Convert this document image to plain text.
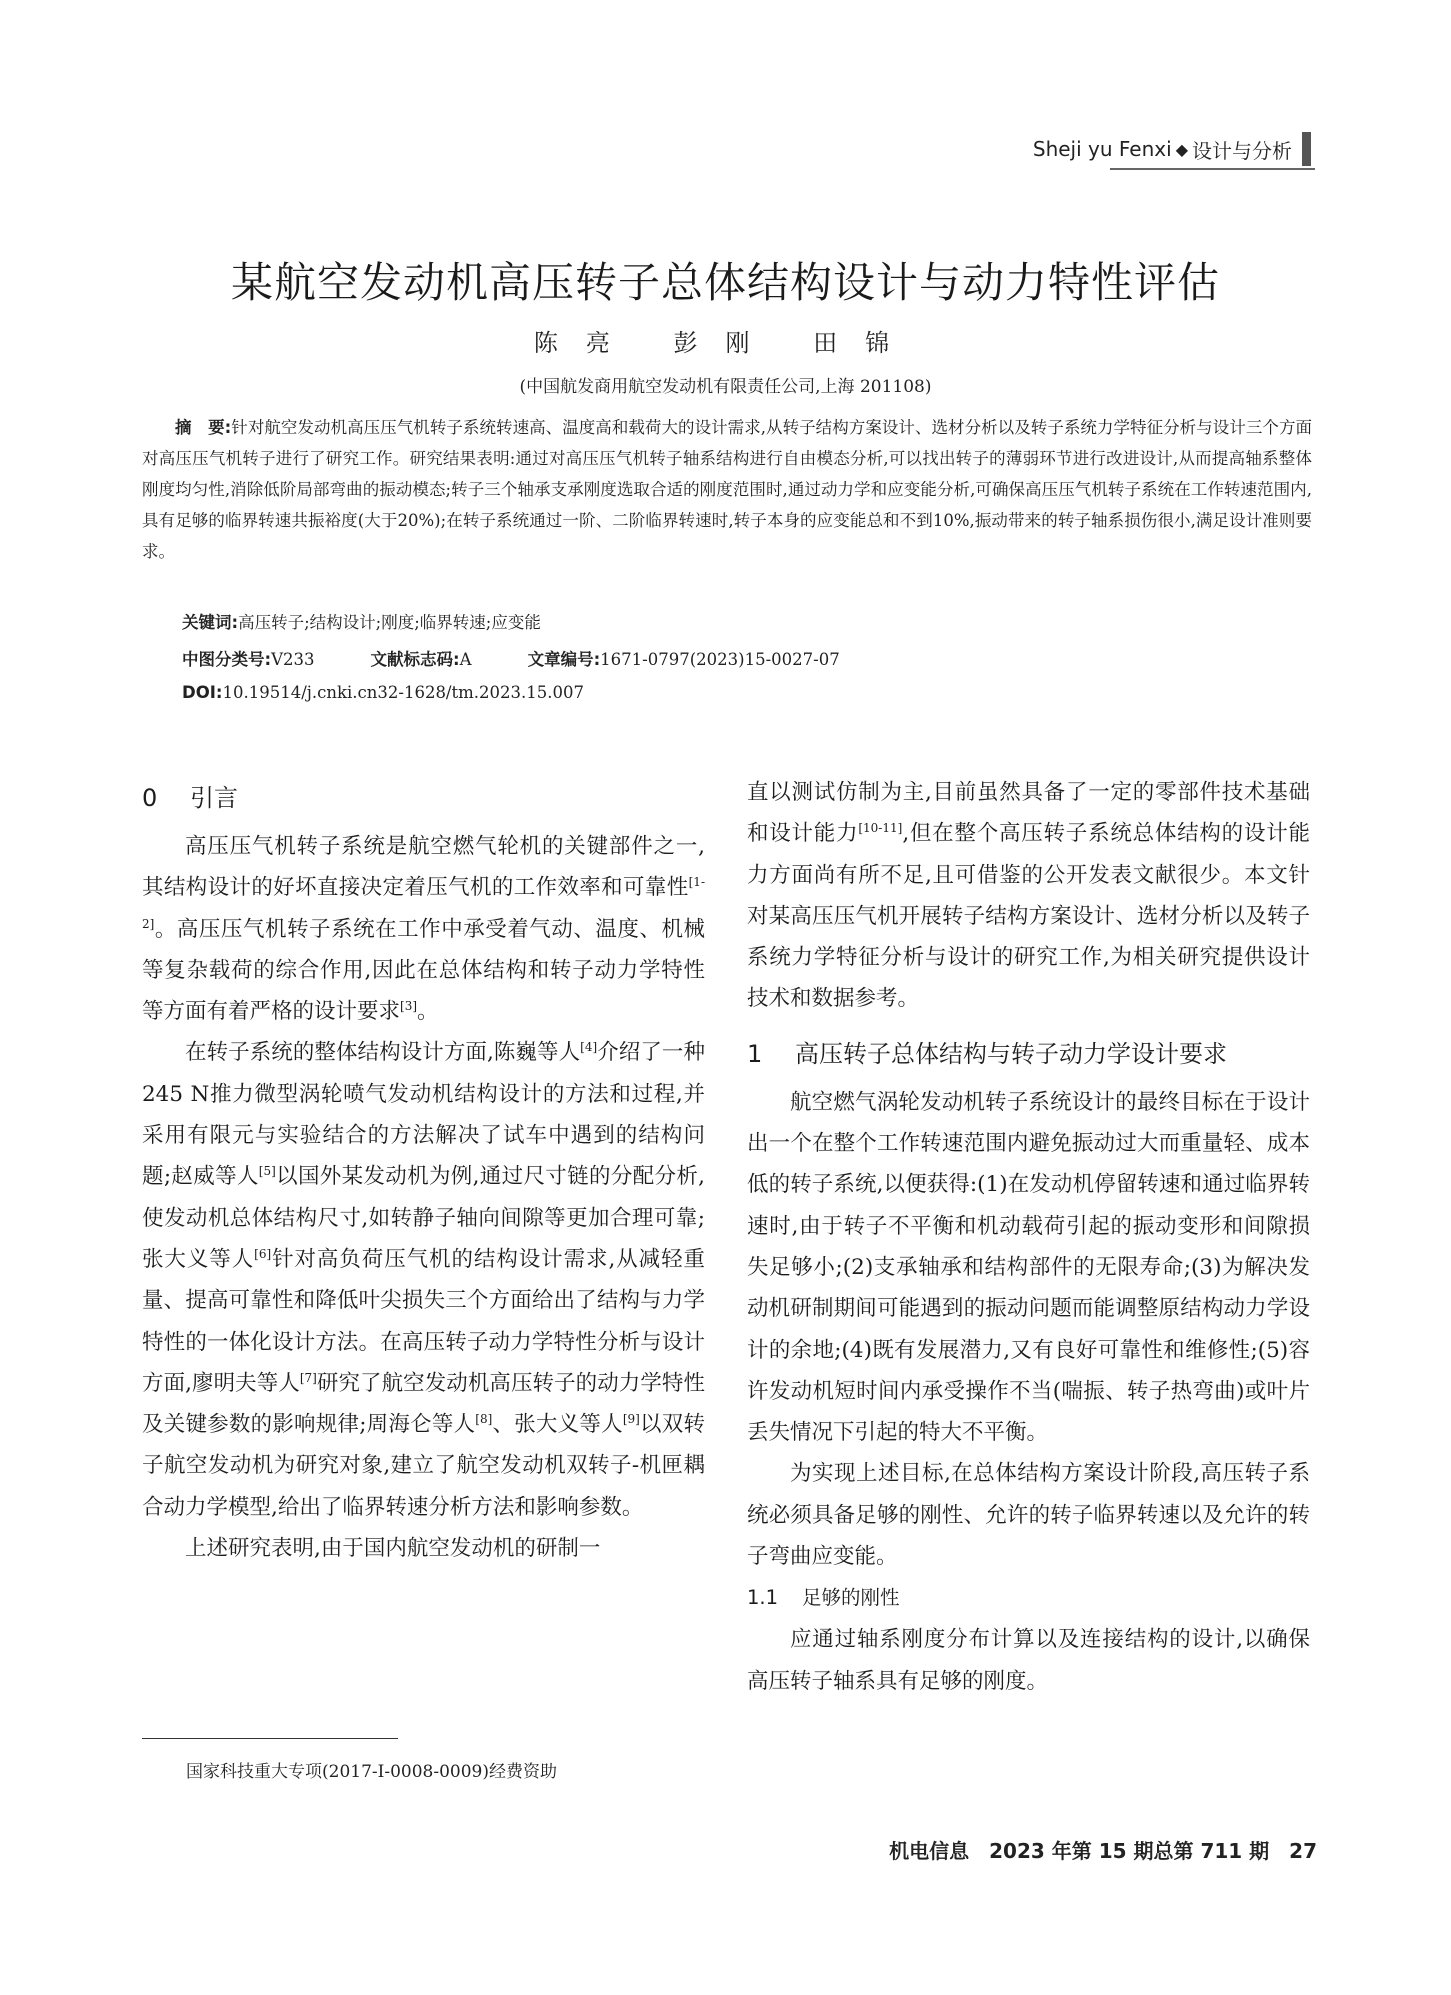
Sheji yu Fenxi ◆ 设计与分析
某航空发动机高压转子总体结构设计与动力特性评估
陈亮 彭刚 田锦
(中国航发商用航空发动机有限责任公司,上海 201108)

摘　要:针对航空发动机高压压气机转子系统转速高、温度高和载荷大的设计需求,从转子结构方案设计、选材分析以及转子系统力学特征分析与设计三个方面对高压压气机转子进行了研究工作。研究结果表明:通过对高压压气机转子轴系结构进行自由模态分析,可以找出转子的薄弱环节进行改进设计,从而提高轴系整体刚度均匀性,消除低阶局部弯曲的振动模态;转子三个轴承支承刚度选取合适的刚度范围时,通过动力学和应变能分析,可确保高压压气机转子系统在工作转速范围内,具有足够的临界转速共振裕度(大于20%);在转子系统通过一阶、二阶临界转速时,转子本身的应变能总和不到10%,振动带来的转子轴系损伤很小,满足设计准则要求。

关键词:高压转子;结构设计;刚度;临界转速;应变能
中图分类号:V233	文献标志码:A	文章编号:1671-0797(2023)15-0027-07
DOI:10.19514/j.cnki.cn32-1628/tm.2023.15.007
0 引言

高压压气机转子系统是航空燃气轮机的关键部件之一,其结构设计的好坏直接决定着压气机的工作效率和可靠性[1-2]。高压压气机转子系统在工作中承受着气动、温度、机械等复杂载荷的综合作用,因此在总体结构和转子动力学特性等方面有着严格的设计要求[3]。

在转子系统的整体结构设计方面,陈巍等人[4]介绍了一种245 N推力微型涡轮喷气发动机结构设计的方法和过程,并采用有限元与实验结合的方法解决了试车中遇到的结构问题;赵威等人[5]以国外某发动机为例,通过尺寸链的分配分析,使发动机总体结构尺寸,如转静子轴向间隙等更加合理可靠;张大义等人[6]针对高负荷压气机的结构设计需求,从减轻重量、提高可靠性和降低叶尖损失三个方面给出了结构与力学特性的一体化设计方法。在高压转子动力学特性分析与设计方面,廖明夫等人[7]研究了航空发动机高压转子的动力学特性及关键参数的影响规律;周海仑等人[8]、张大义等人[9]以双转子航空发动机为研究对象,建立了航空发动机双转子-机匣耦合动力学模型,给出了临界转速分析方法和影响参数。

上述研究表明,由于国内航空发动机的研制一

直以测试仿制为主,目前虽然具备了一定的零部件技术基础和设计能力[10-11],但在整个高压转子系统总体结构的设计能力方面尚有所不足,且可借鉴的公开发表文献很少。本文针对某高压压气机开展转子结构方案设计、选材分析以及转子系统力学特征分析与设计的研究工作,为相关研究提供设计技术和数据参考。

1 高压转子总体结构与转子动力学设计要求

航空燃气涡轮发动机转子系统设计的最终目标在于设计出一个在整个工作转速范围内避免振动过大而重量轻、成本低的转子系统,以便获得:(1)在发动机停留转速和通过临界转速时,由于转子不平衡和机动载荷引起的振动变形和间隙损失足够小;(2)支承轴承和结构部件的无限寿命;(3)为解决发动机研制期间可能遇到的振动问题而能调整原结构动力学设计的余地;(4)既有发展潜力,又有良好可靠性和维修性;(5)容许发动机短时间内承受操作不当(喘振、转子热弯曲)或叶片丢失情况下引起的特大不平衡。

为实现上述目标,在总体结构方案设计阶段,高压转子系统必须具备足够的刚性、允许的转子临界转速以及允许的转子弯曲应变能。

1.1 足够的刚性

应通过轴系刚度分布计算以及连接结构的设计,以确保高压转子轴系具有足够的刚度。

国家科技重大专项(2017-Ⅰ-0008-0009)经费资助
机电信息　2023 年第 15 期总第 711 期　27
